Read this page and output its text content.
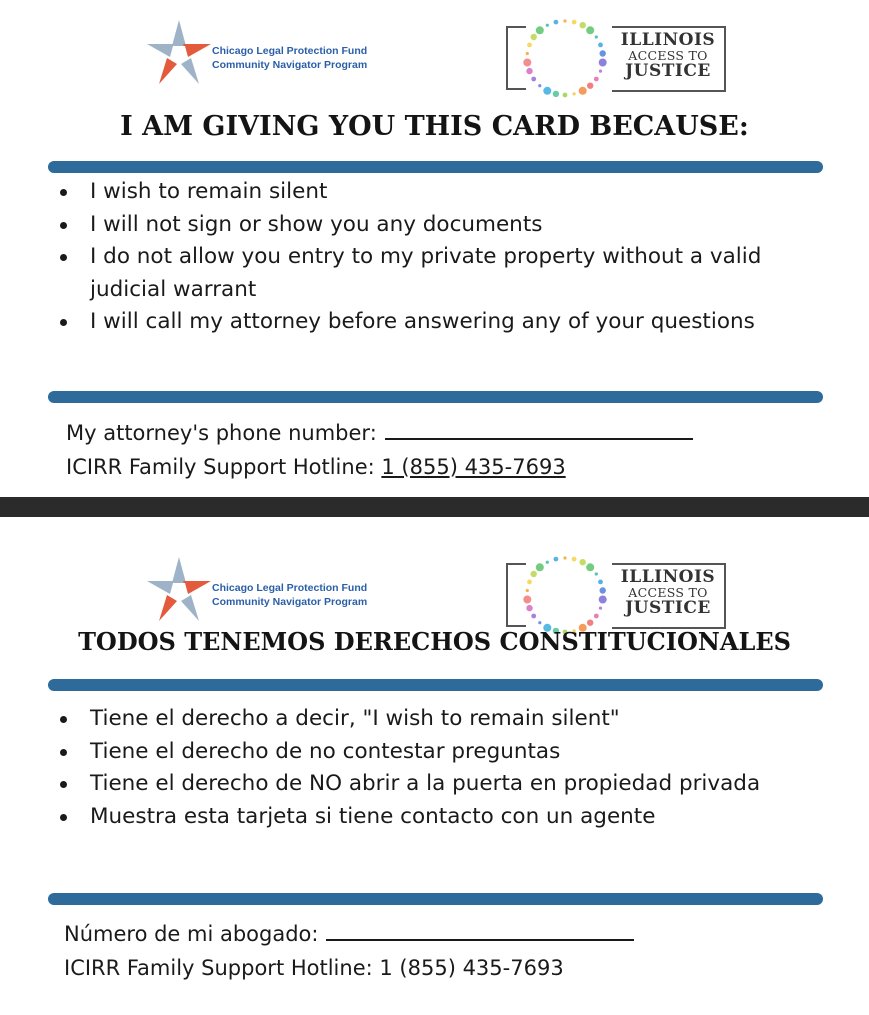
Chicago Legal Protection Fund
Community Navigator Program
ILLINOIS
ACCESS TO
JUSTICE
I AM GIVING YOU THIS CARD BECAUSE:
I wish to remain silent
I will not sign or show you any documents
I do not allow you entry to my private property without a valid judicial warrant
I will call my attorney before answering any of your questions
My attorney's phone number:
ICIRR Family Support Hotline: 1 (855) 435-7693
Chicago Legal Protection Fund
Community Navigator Program
ILLINOIS
ACCESS TO
JUSTICE
TODOS TENEMOS DERECHOS CONSTITUCIONALES
Tiene el derecho a decir, "I wish to remain silent"
Tiene el derecho de no contestar preguntas
Tiene el derecho de NO abrir a la puerta en propiedad privada
Muestra esta tarjeta si tiene contacto con un agente
Número de mi abogado:
ICIRR Family Support Hotline: 1 (855) 435-7693
